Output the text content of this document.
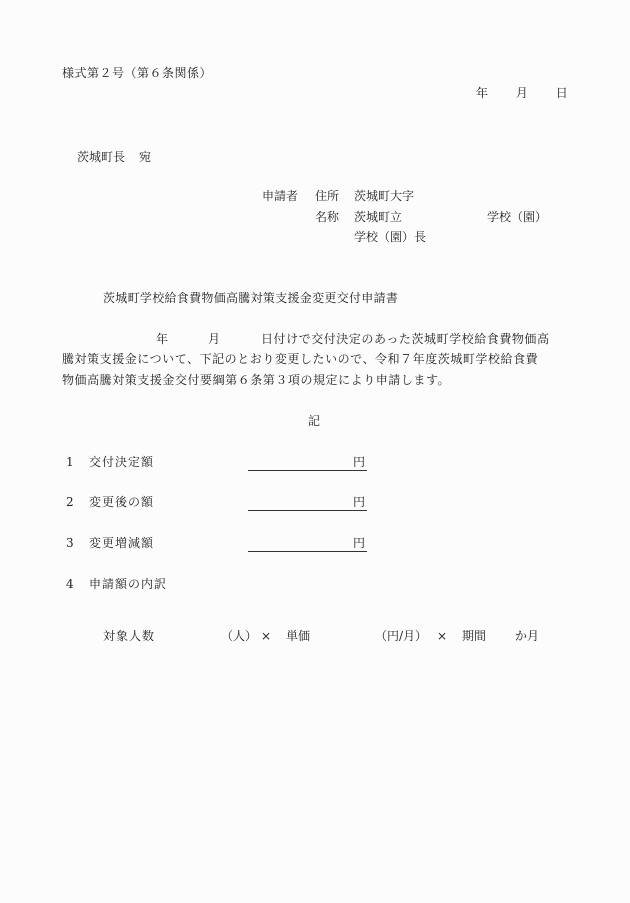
様式第２号（第６条関係）
年 月 日
茨城町長 宛
申請者 住所 茨城町大字
名称 茨城町立	学校（園）
学校（園）長
茨城町学校給食費物価高騰対策支援金変更交付申請書
年	月	日付けで交付決定のあった茨城町学校給食費物価高
騰対策支援金について、下記のとおり変更したいので、令和７年度茨城町学校給食費
物価高騰対策支援金交付要綱第６条第３項の規定により申請します。
記
1 交付決定額	円
2 変更後の額	円
3 変更増減額	円
4 申請額の内訳
対象人数	（人） × 単価	（円/月） × 期間 か月
